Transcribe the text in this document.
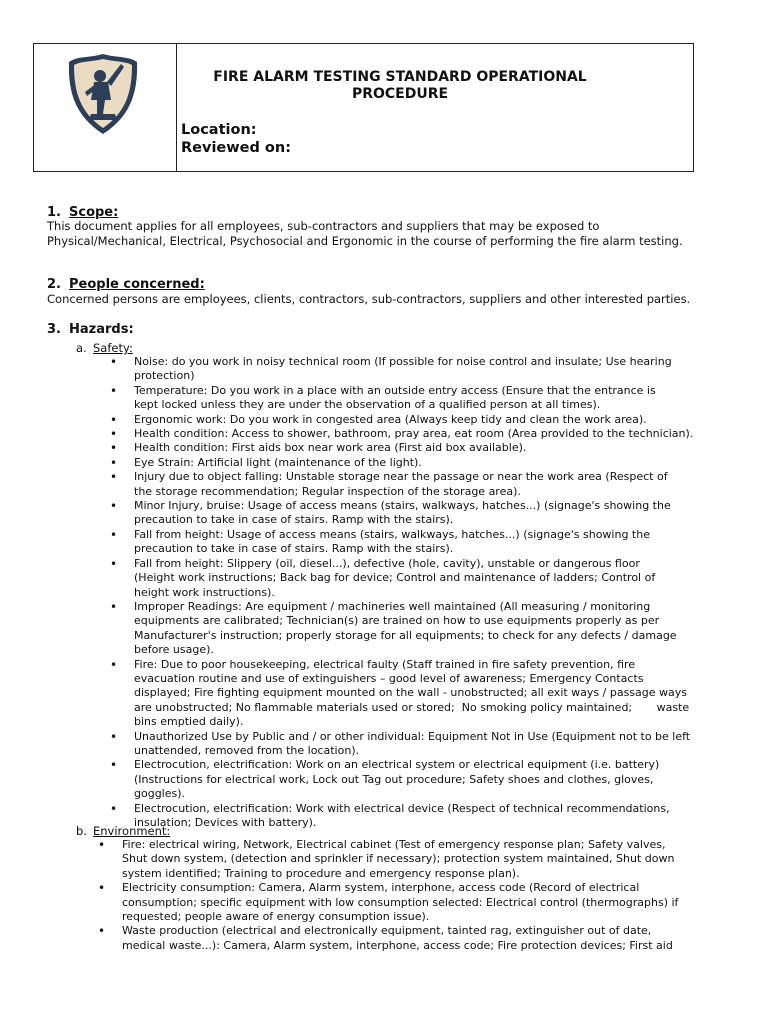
FIRE ALARM TESTING STANDARD OPERATIONAL
PROCEDURE
Location:
Reviewed on:
1. Scope:
This document applies for all employees, sub-contractors and suppliers that may be exposed to
Physical/Mechanical, Electrical, Psychosocial and Ergonomic in the course of performing the fire alarm testing.
2. People concerned:
Concerned persons are employees, clients, contractors, sub-contractors, suppliers and other interested parties.
3. Hazards:
a. Safety:
• Noise: do you work in noisy technical room (If possible for noise control and insulate; Use hearing
protection)
• Temperature: Do you work in a place with an outside entry access (Ensure that the entrance is
kept locked unless they are under the observation of a qualified person at all times).
• Ergonomic work: Do you work in congested area (Always keep tidy and clean the work area).
• Health condition: Access to shower, bathroom, pray area, eat room (Area provided to the technician).
• Health condition: First aids box near work area (First aid box available).
• Eye Strain: Artificial light (maintenance of the light).
• Injury due to object falling: Unstable storage near the passage or near the work area (Respect of
the storage recommendation; Regular inspection of the storage area).
• Minor Injury, bruise: Usage of access means (stairs, walkways, hatches...) (signage's showing the
precaution to take in case of stairs. Ramp with the stairs).
• Fall from height: Usage of access means (stairs, walkways, hatches...) (signage's showing the
precaution to take in case of stairs. Ramp with the stairs).
• Fall from height: Slippery (oil, diesel...), defective (hole, cavity), unstable or dangerous floor
(Height work instructions; Back bag for device; Control and maintenance of ladders; Control of
height work instructions).
• Improper Readings: Are equipment / machineries well maintained (All measuring / monitoring
equipments are calibrated; Technician(s) are trained on how to use equipments properly as per
Manufacturer's instruction; properly storage for all equipments; to check for any defects / damage
before usage).
• Fire: Due to poor housekeeping, electrical faulty (Staff trained in fire safety prevention, fire
evacuation routine and use of extinguishers – good level of awareness; Emergency Contacts
displayed; Fire fighting equipment mounted on the wall - unobstructed; all exit ways / passage ways
are unobstructed; No flammable materials used or stored;  No smoking policy maintained;       waste
bins emptied daily).
• Unauthorized Use by Public and / or other individual: Equipment Not in Use (Equipment not to be left
unattended, removed from the location).
• Electrocution, electrification: Work on an electrical system or electrical equipment (i.e. battery)
(Instructions for electrical work, Lock out Tag out procedure; Safety shoes and clothes, gloves,
goggles).
• Electrocution, electrification: Work with electrical device (Respect of technical recommendations,
insulation; Devices with battery).
b. Environment:
• Fire: electrical wiring, Network, Electrical cabinet (Test of emergency response plan; Safety valves,
Shut down system, (detection and sprinkler if necessary); protection system maintained, Shut down
system identified; Training to procedure and emergency response plan).
• Electricity consumption: Camera, Alarm system, interphone, access code (Record of electrical
consumption; specific equipment with low consumption selected: Electrical control (thermographs) if
requested; people aware of energy consumption issue).
• Waste production (electrical and electronically equipment, tainted rag, extinguisher out of date,
medical waste...): Camera, Alarm system, interphone, access code; Fire protection devices; First aid
